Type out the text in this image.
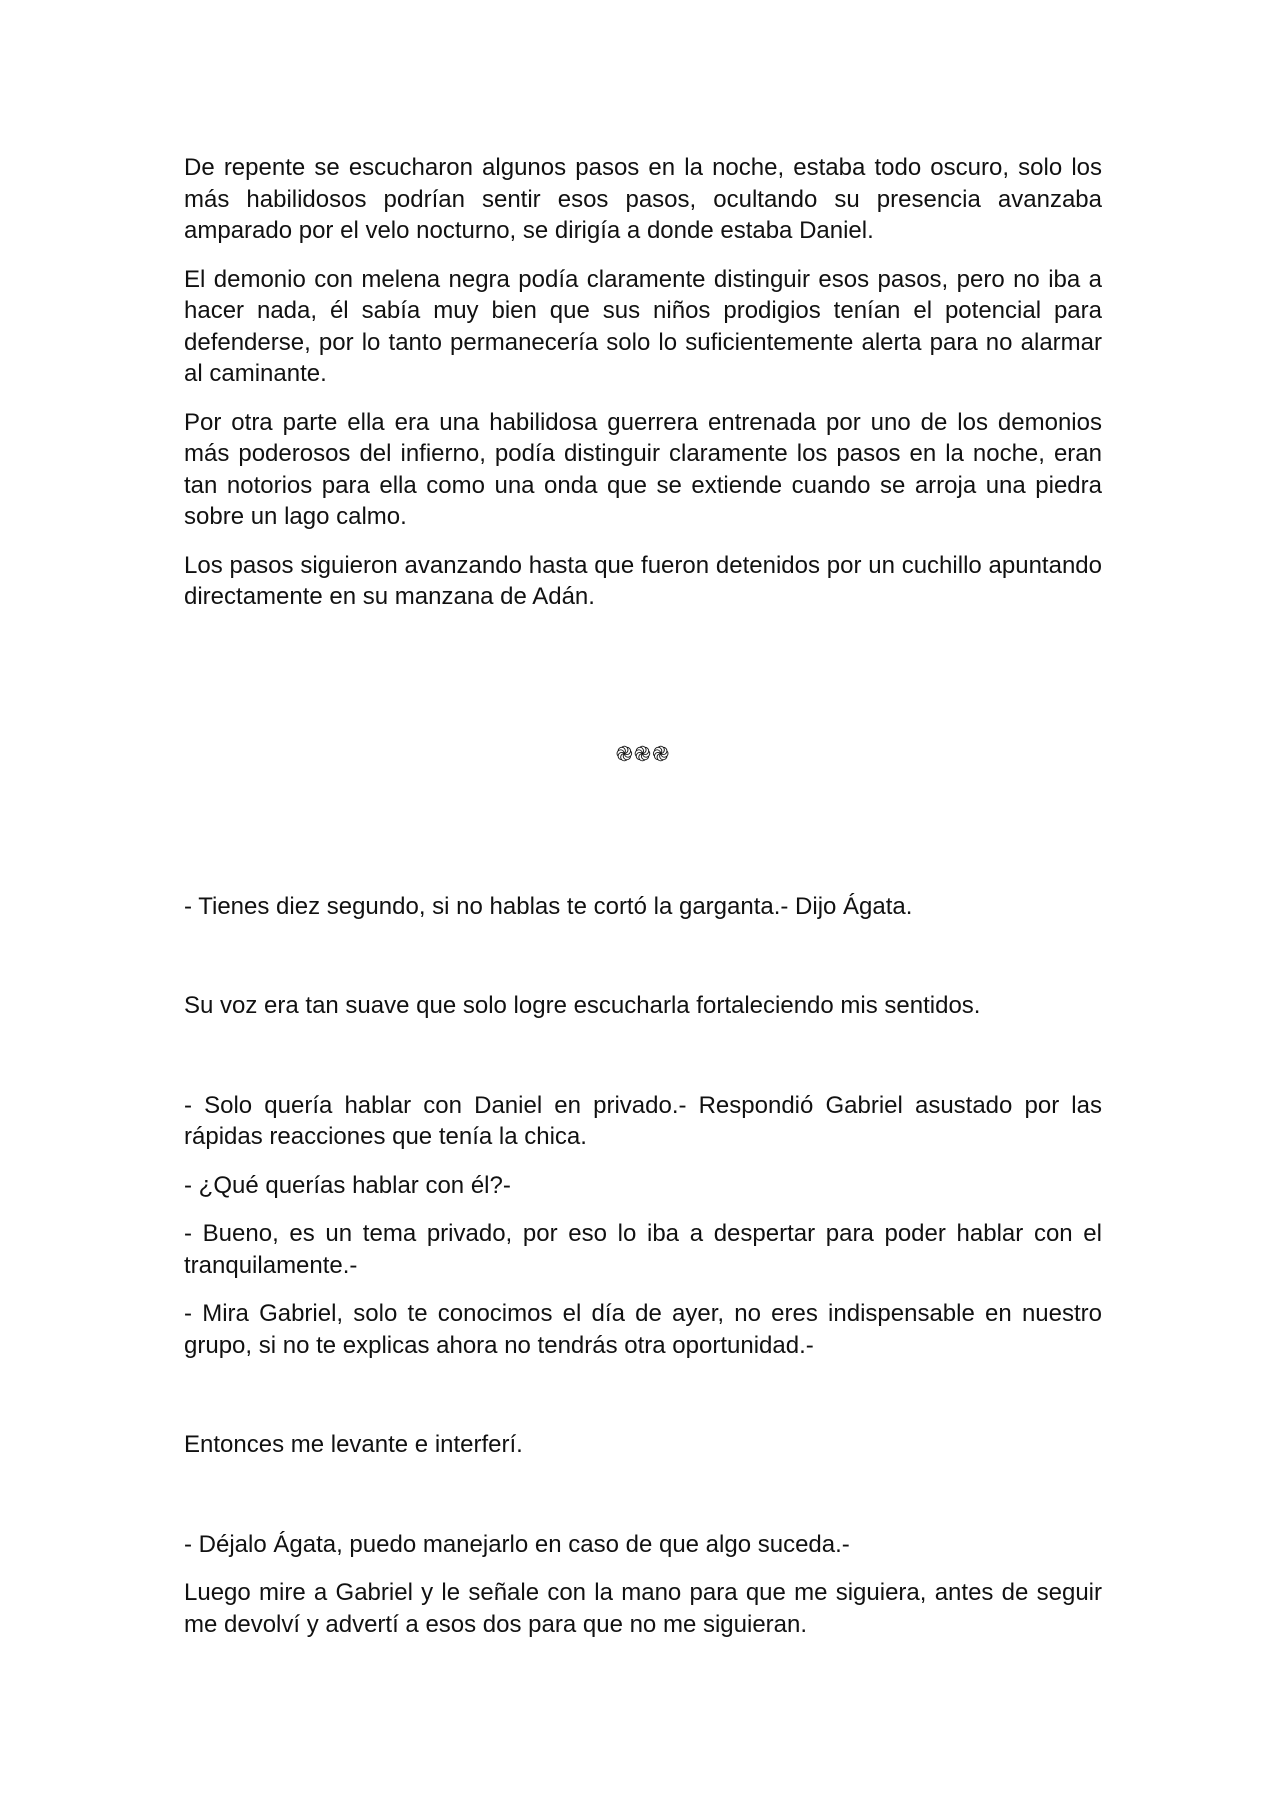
De repente se escucharon algunos pasos en la noche, estaba todo oscuro, solo los más habilidosos podrían sentir esos pasos, ocultando su presencia avanzaba amparado por el velo nocturno, se dirigía a donde estaba Daniel.

El demonio con melena negra podía claramente distinguir esos pasos, pero no iba a hacer nada, él sabía muy bien que sus niños prodigios tenían el potencial para defenderse, por lo tanto permanecería solo lo suficientemente alerta para no alarmar al caminante.

Por otra parte ella era una habilidosa guerrera entrenada por uno de los demonios más poderosos del infierno, podía distinguir claramente los pasos en la noche, eran tan notorios para ella como una onda que se extiende cuando se arroja una piedra sobre un lago calmo.

Los pasos siguieron avanzando hasta que fueron detenidos por un cuchillo apuntando directamente en su manzana de Adán.

֎֎֎

- Tienes diez segundo, si no hablas te cortó la garganta.- Dijo Ágata.

Su voz era tan suave que solo logre escucharla fortaleciendo mis sentidos.

- Solo quería hablar con Daniel en privado.- Respondió Gabriel asustado por las rápidas reacciones que tenía la chica.

- ¿Qué querías hablar con él?-

- Bueno, es un tema privado, por eso lo iba a despertar para poder hablar con el tranquilamente.-

- Mira Gabriel, solo te conocimos el día de ayer, no eres indispensable en nuestro grupo, si no te explicas ahora no tendrás otra oportunidad.-

Entonces me levante e interferí.

- Déjalo Ágata, puedo manejarlo en caso de que algo suceda.-

Luego mire a Gabriel y le señale con la mano para que me siguiera, antes de seguir me devolví y advertí a esos dos para que no me siguieran.
